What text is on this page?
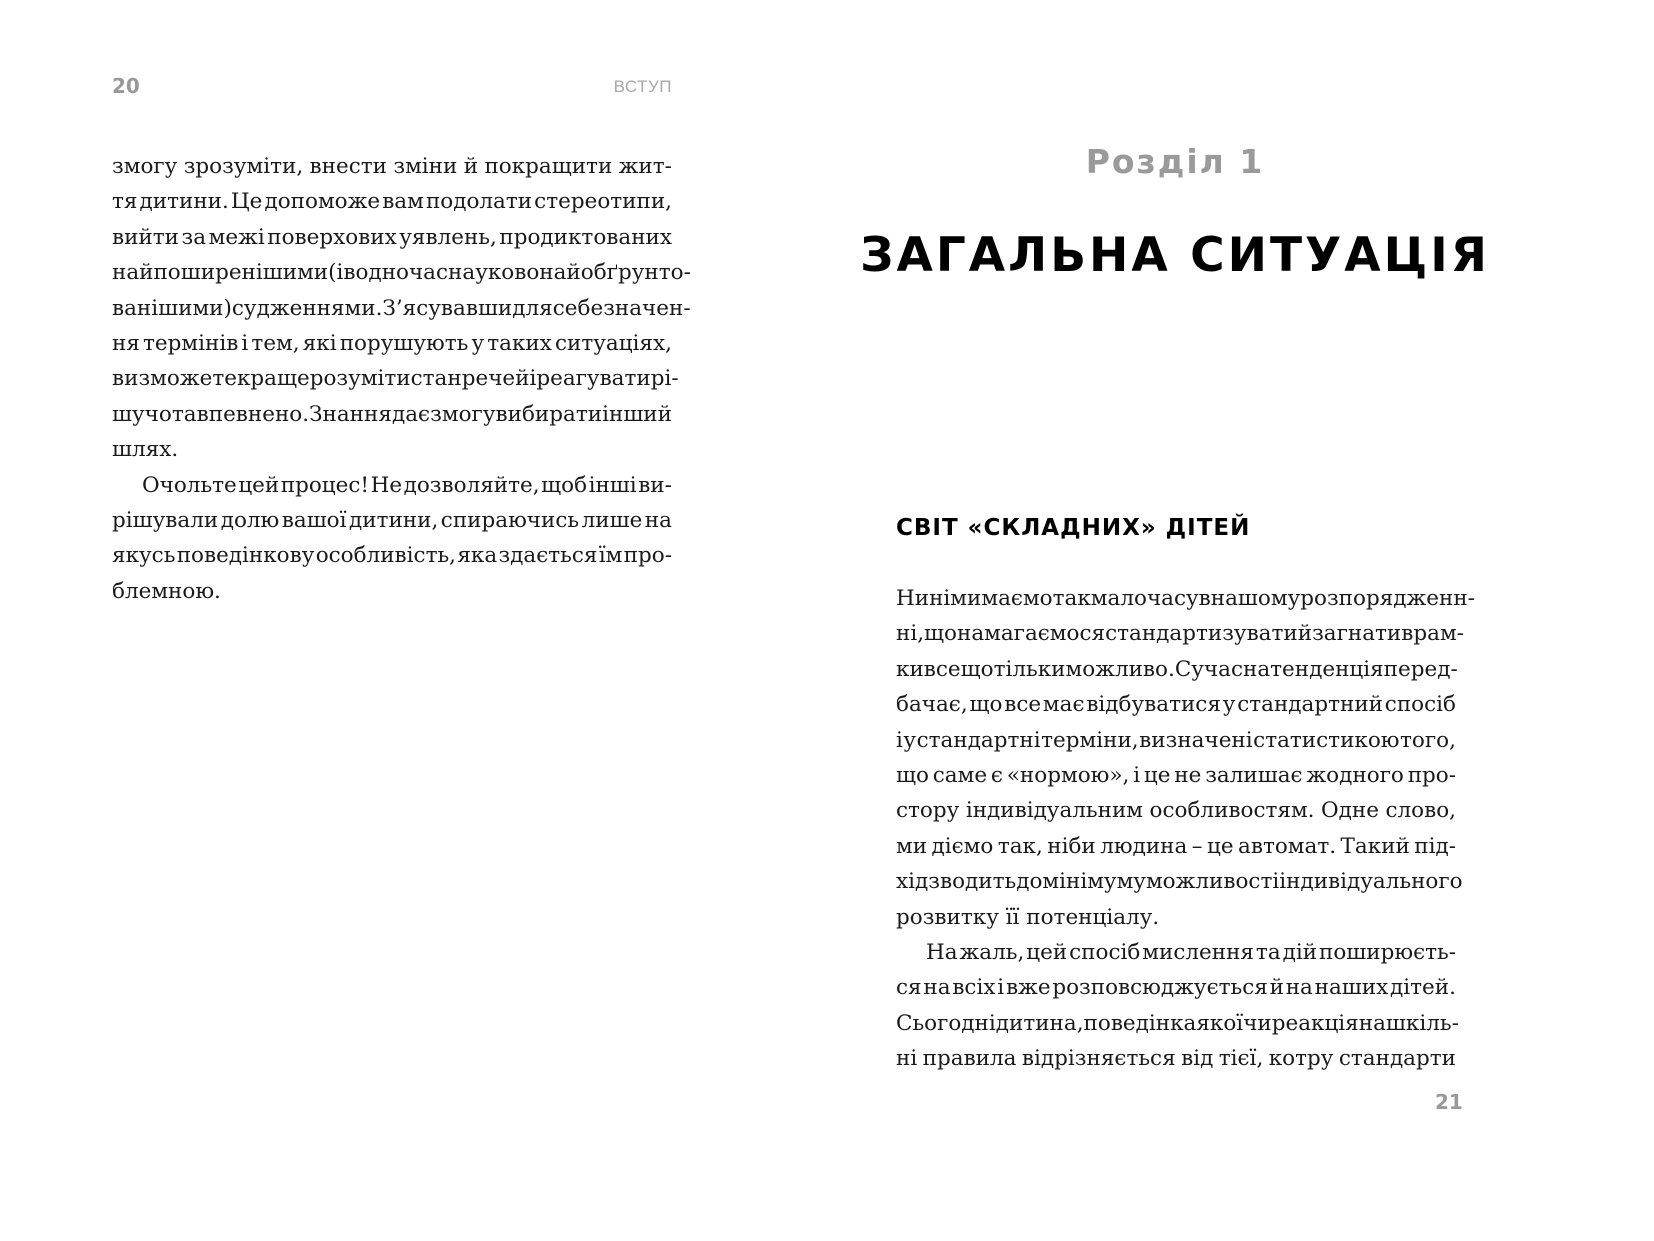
20	ВСТУП
змогу зрозуміти, внести зміни й покращити жит-
тя дитини. Це допоможе вам подолати стереотипи,
вийти за межі поверхових уявлень, продиктованих
найпоширенішими (і водночас науково найобґрунто-
ванішими) судженнями. З’ясувавши для себе значен-
ня термінів і тем, які порушують у таких ситуаціях,
ви зможете краще розуміти стан речей і реагувати рі-
шучо та впевнено. Знання дає змогу вибирати інший
шлях.
Очольте цей процес! Не дозволяйте, щоб інші ви-
рішували долю вашої дитини, спираючись лише на
якусь поведінкову особливість, яка здається їм про-
блемною.
Розділ 1
ЗАГАЛЬНА СИТУАЦІЯ
СВІТ «СКЛАДНИХ» ДІТЕЙ
Нині ми маємо так мало часу в нашому розпорядженн-
ні, що намагаємося стандартизувати й загнати в рам-
ки все що тільки можливо. Сучасна тенденція перед-
бачає, що все має відбуватися у стандартний спосіб
і у стандартні терміни, визначені статистикою того,
що саме є «нормою», і це не залишає жодного про-
стору індивідуальним особливостям. Одне слово,
ми діємо так, ніби людина – це автомат. Такий під-
хід зводить до мінімуму можливості індивідуального
розвитку її потенціалу.
На жаль, цей спосіб мислення та дій поширюєть-
ся на всіх і вже розповсюджується й на наших дітей.
Сьогодні дитина, поведінка якої чи реакція на шкіль-
ні правила відрізняється від тієї, котру стандарти
21
